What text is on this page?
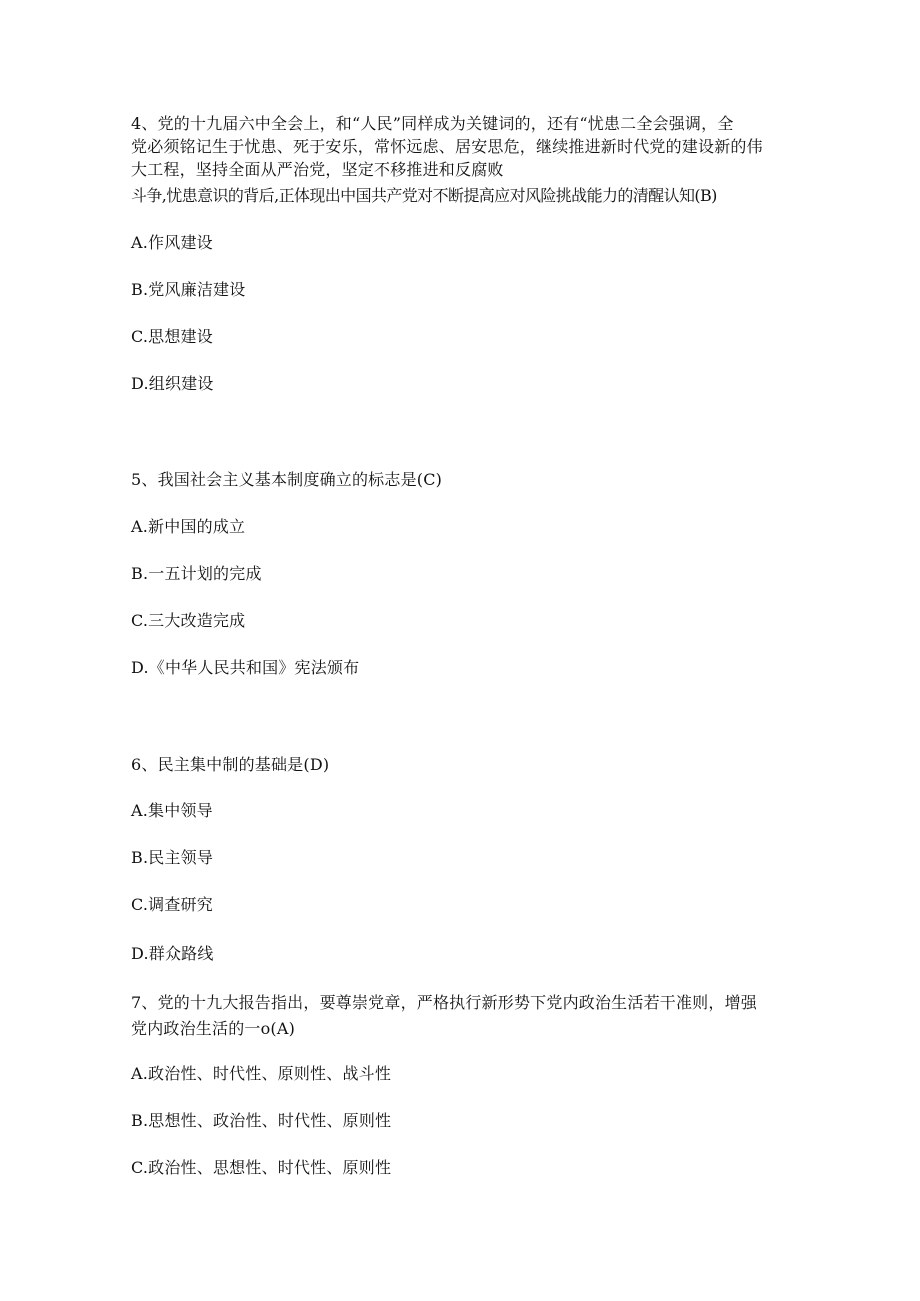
4、党的十九届六中全会上，和“人民”同样成为关键词的，还有“忧患二全会强调，全
党必须铭记生于忧患、死于安乐，常怀远虑、居安思危，继续推进新时代党的建设新的伟
大工程，坚持全面从严治党，坚定不移推进和反腐败
斗争,忧患意识的背后,正体现出中国共产党对不断提高应对风险挑战能力的清醒认知(B)
A.作风建设
B.党风廉洁建设
C.思想建设
D.组织建设
5、我国社会主义基本制度确立的标志是(C)
A.新中国的成立
B.一五计划的完成
C.三大改造完成
D.《中华人民共和国》宪法颁布
6、民主集中制的基础是(D)
A.集中领导
B.民主领导
C.调查研究
D.群众路线
7、党的十九大报告指出，要尊崇党章，严格执行新形势下党内政治生活若干准则，增强
党内政治生活的一o(A)
A.政治性、时代性、原则性、战斗性
B.思想性、政治性、时代性、原则性
C.政治性、思想性、时代性、原则性
